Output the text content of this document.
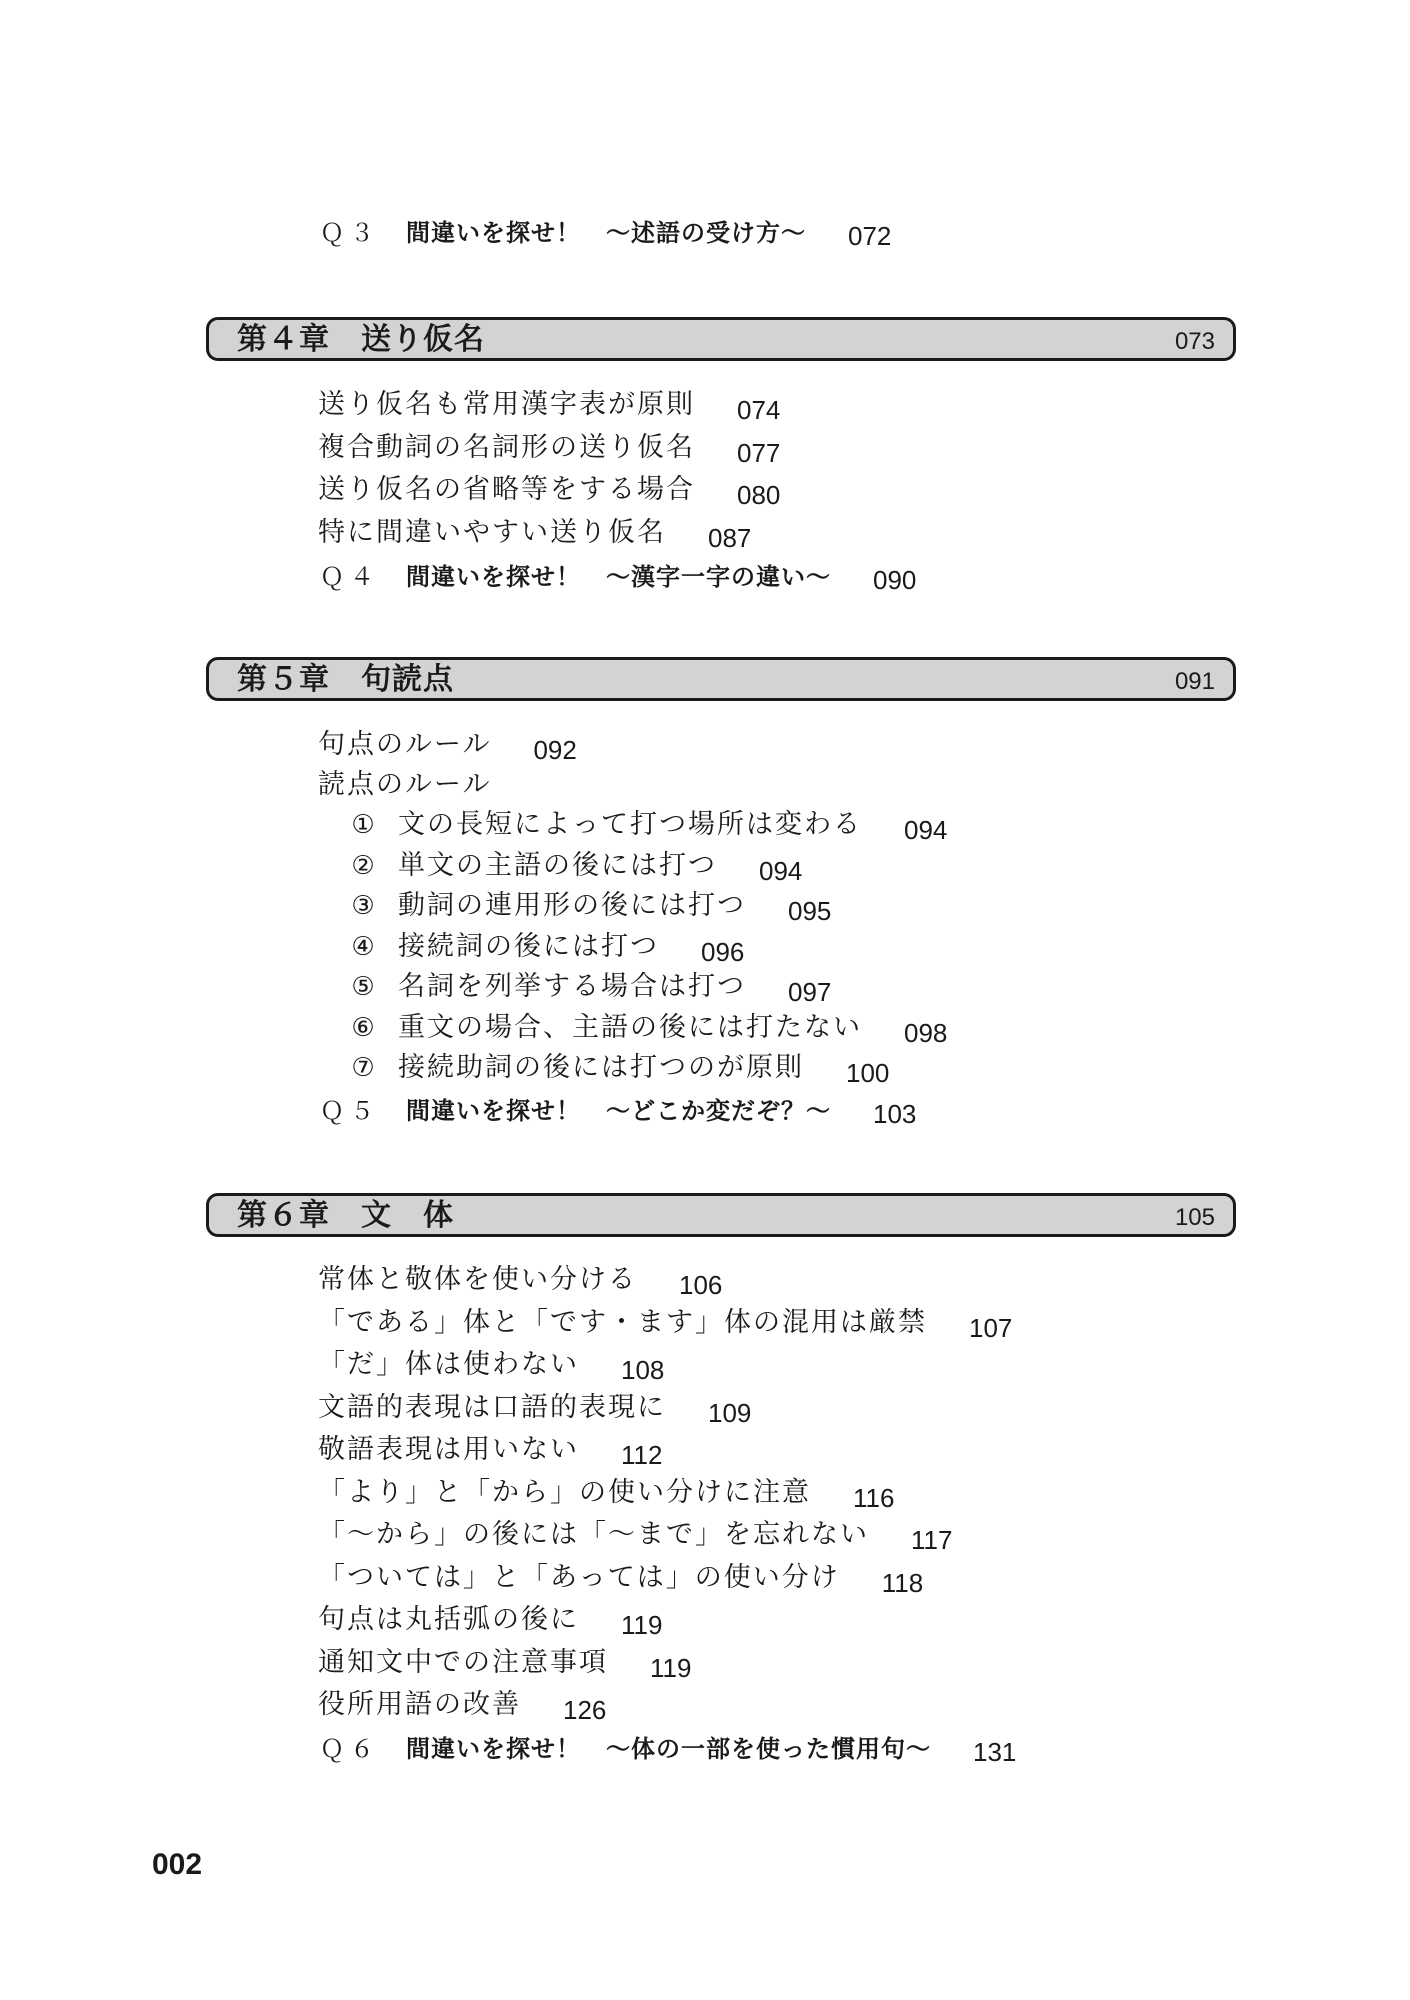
Ｑ３ 間違いを探せ！　～述語の受け方～ 072
第４章　送り仮名	073
送り仮名も常用漢字表が原則 074
複合動詞の名詞形の送り仮名 077
送り仮名の省略等をする場合 080
特に間違いやすい送り仮名 087
Ｑ４ 間違いを探せ！　～漢字一字の違い～ 090
第５章　句読点	091
句点のルール 092
読点のルール
① 文の長短によって打つ場所は変わる 094
② 単文の主語の後には打つ 094
③ 動詞の連用形の後には打つ 095
④ 接続詞の後には打つ 096
⑤ 名詞を列挙する場合は打つ 097
⑥ 重文の場合、主語の後には打たない 098
⑦ 接続助詞の後には打つのが原則 100
Ｑ５ 間違いを探せ！　～どこか変だぞ？～ 103
第６章　文　体	105
常体と敬体を使い分ける 106
「である」体と「です・ます」体の混用は厳禁 107
「だ」体は使わない 108
文語的表現は口語的表現に 109
敬語表現は用いない 112
「より」と「から」の使い分けに注意 116
「～から」の後には「～まで」を忘れない 117
「ついては」と「あっては」の使い分け 118
句点は丸括弧の後に 119
通知文中での注意事項 119
役所用語の改善 126
Ｑ６ 間違いを探せ！　～体の一部を使った慣用句～ 131
002
